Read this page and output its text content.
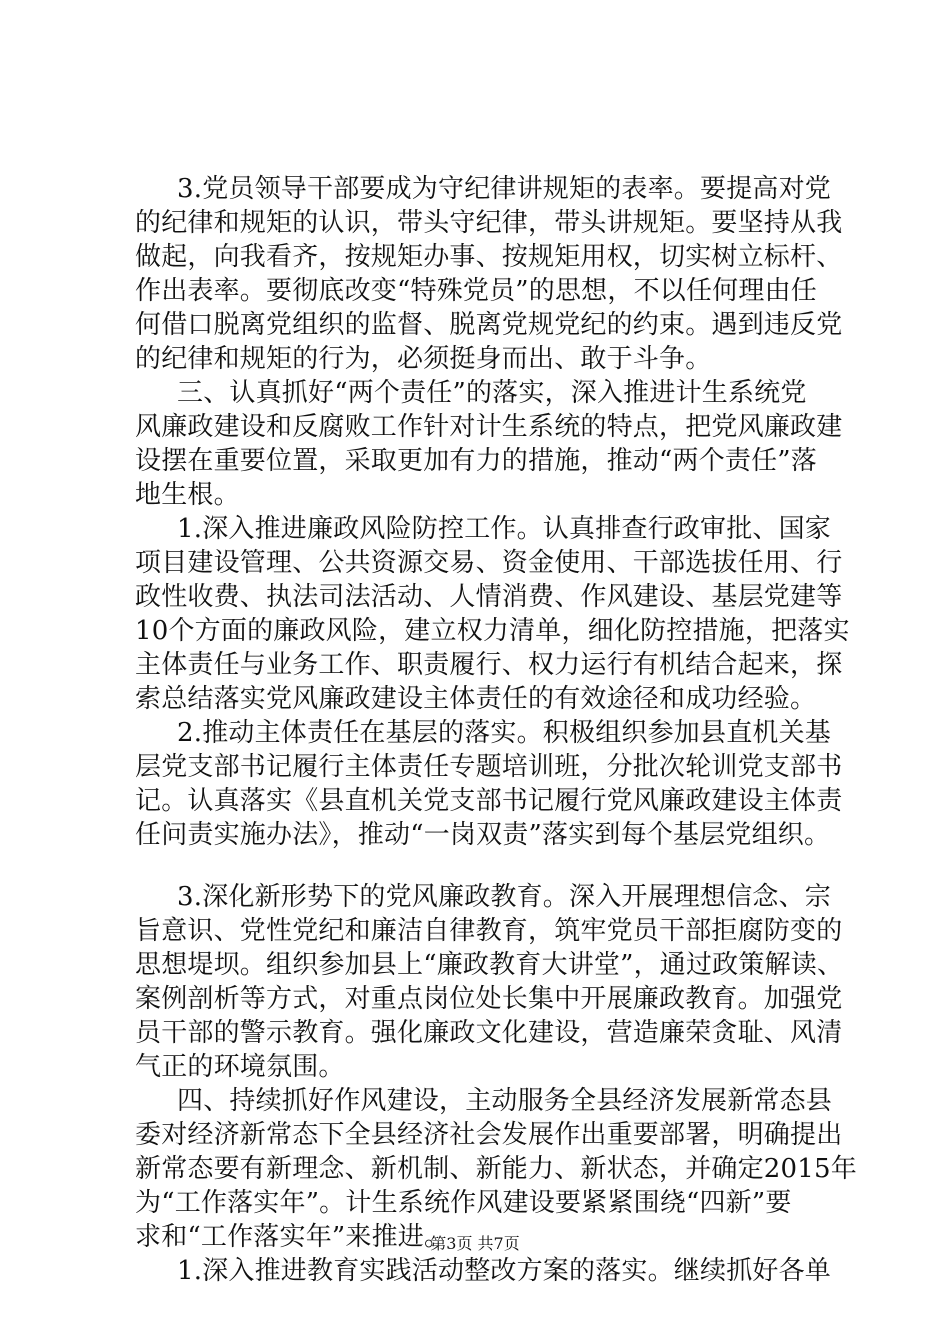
3.党员领导干部要成为守纪律讲规矩的表率。要提高对党
的纪律和规矩的认识，带头守纪律，带头讲规矩。要坚持从我
做起，向我看齐，按规矩办事、按规矩用权，切实树立标杆、
作出表率。要彻底改变“特殊党员”的思想，不以任何理由任
何借口脱离党组织的监督、脱离党规党纪的约束。遇到违反党
的纪律和规矩的行为，必须挺身而出、敢于斗争。
三、认真抓好“两个责任”的落实，深入推进计生系统党
风廉政建设和反腐败工作针对计生系统的特点，把党风廉政建
设摆在重要位置，采取更加有力的措施，推动“两个责任”落
地生根。
1.深入推进廉政风险防控工作。认真排查行政审批、国家
项目建设管理、公共资源交易、资金使用、干部选拔任用、行
政性收费、执法司法活动、人情消费、作风建设、基层党建等
10个方面的廉政风险，建立权力清单，细化防控措施，把落实
主体责任与业务工作、职责履行、权力运行有机结合起来，探
索总结落实党风廉政建设主体责任的有效途径和成功经验。
2.推动主体责任在基层的落实。积极组织参加县直机关基
层党支部书记履行主体责任专题培训班，分批次轮训党支部书
记。认真落实《县直机关党支部书记履行党风廉政建设主体责
任问责实施办法》，推动“一岗双责”落实到每个基层党组织。
3.深化新形势下的党风廉政教育。深入开展理想信念、宗
旨意识、党性党纪和廉洁自律教育，筑牢党员干部拒腐防变的
思想堤坝。组织参加县上“廉政教育大讲堂”，通过政策解读、
案例剖析等方式，对重点岗位处长集中开展廉政教育。加强党
员干部的警示教育。强化廉政文化建设，营造廉荣贪耻、风清
气正的环境氛围。
四、持续抓好作风建设，主动服务全县经济发展新常态县
委对经济新常态下全县经济社会发展作出重要部署，明确提出
新常态要有新理念、新机制、新能力、新状态，并确定2015年
为“工作落实年”。计生系统作风建设要紧紧围绕“四新”要
求和“工作落实年”来推进。
1.深入推进教育实践活动整改方案的落实。继续抓好各单
第3页 共7页
